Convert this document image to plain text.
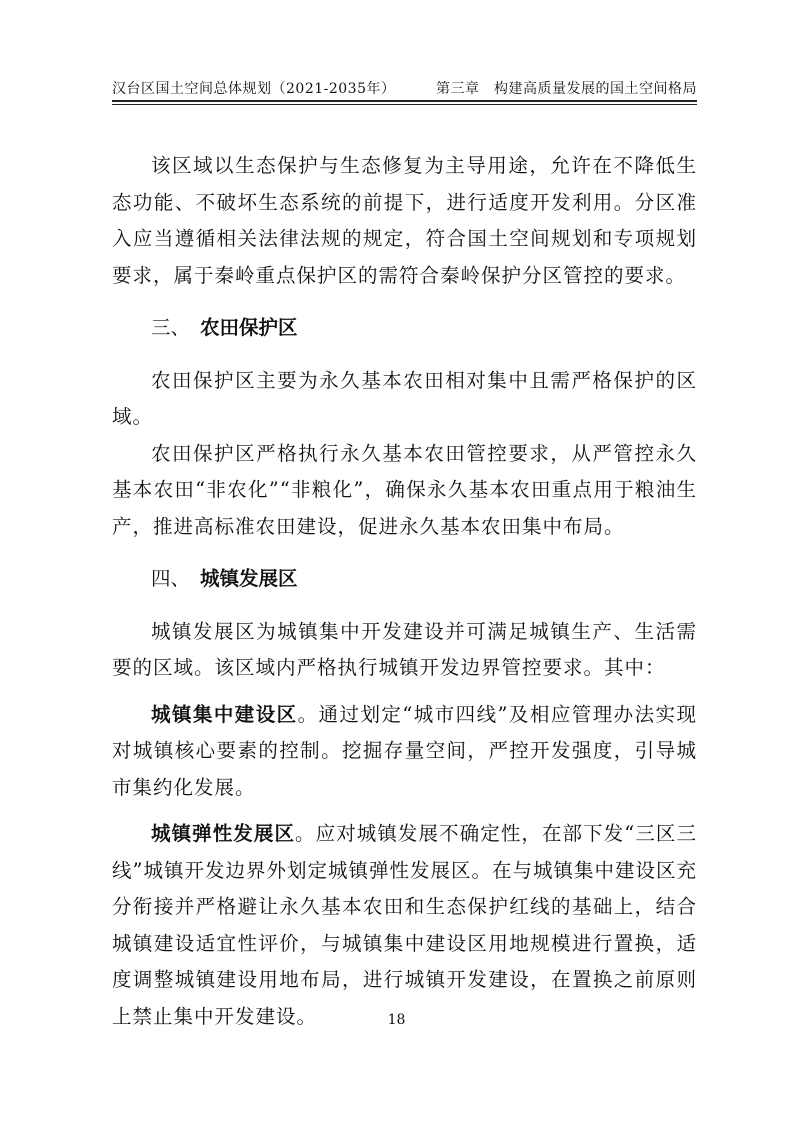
汉台区国土空间总体规划（2021-2035年）	第三章　构建高质量发展的国土空间格局

该区域以生态保护与生态修复为主导用途，允许在不降低生态功能、不破坏生态系统的前提下，进行适度开发利用。分区准入应当遵循相关法律法规的规定，符合国土空间规划和专项规划要求，属于秦岭重点保护区的需符合秦岭保护分区管控的要求。

三、 农田保护区

农田保护区主要为永久基本农田相对集中且需严格保护的区域。

农田保护区严格执行永久基本农田管控要求，从严管控永久基本农田“非农化”“非粮化”，确保永久基本农田重点用于粮油生产，推进高标准农田建设，促进永久基本农田集中布局。

四、 城镇发展区

城镇发展区为城镇集中开发建设并可满足城镇生产、生活需要的区域。该区域内严格执行城镇开发边界管控要求。其中：

城镇集中建设区。通过划定“城市四线”及相应管理办法实现对城镇核心要素的控制。挖掘存量空间，严控开发强度，引导城市集约化发展。

城镇弹性发展区。应对城镇发展不确定性，在部下发“三区三线”城镇开发边界外划定城镇弹性发展区。在与城镇集中建设区充分衔接并严格避让永久基本农田和生态保护红线的基础上，结合城镇建设适宜性评价，与城镇集中建设区用地规模进行置换，适度调整城镇建设用地布局，进行城镇开发建设，在置换之前原则上禁止集中开发建设。	18
